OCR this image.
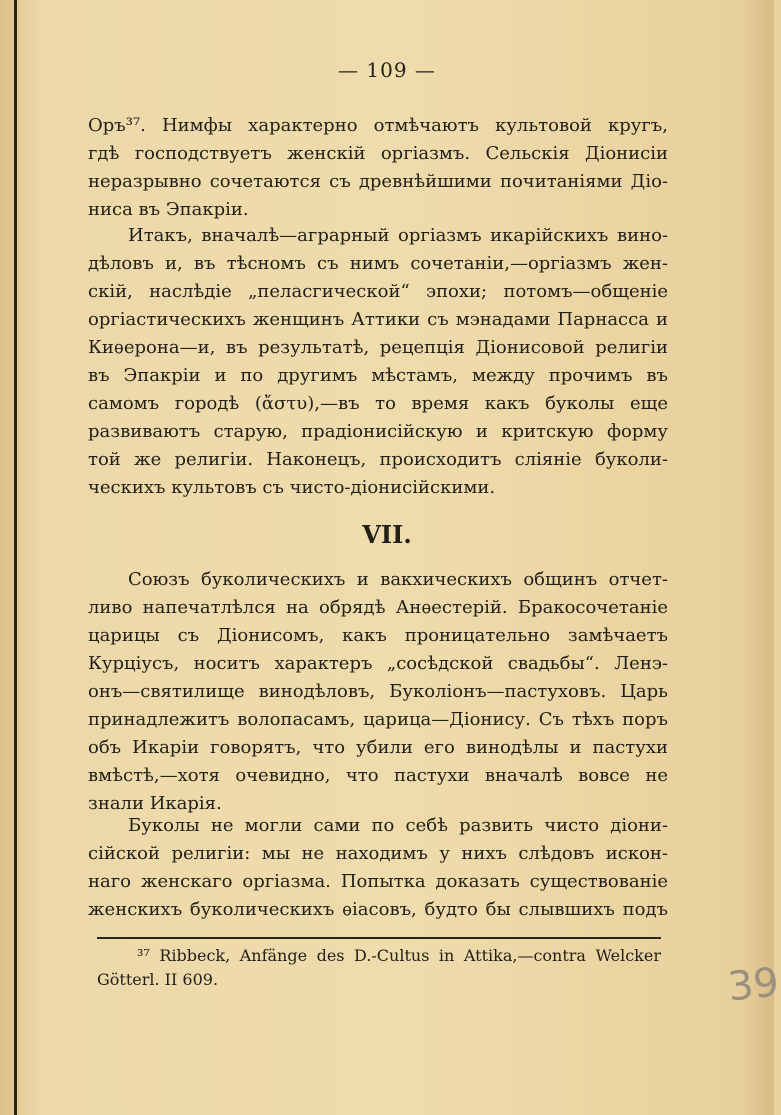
— 109 —
Оръ³⁷. Нимфы характерно отмѣчаютъ культовой кругъ,
гдѣ господствуетъ женскій оргіазмъ. Сельскія Діонисіи
неразрывно сочетаются съ древнѣйшими почитаніями Діо-
ниса въ Эпакріи.
Итакъ, вначалѣ—аграрный оргіазмъ икарійскихъ вино-
дѣловъ и, въ тѣсномъ съ нимъ сочетаніи,—оргіазмъ жен-
скій, наслѣдіе „пеласгической“ эпохи; потомъ—общеніе
оргіастическихъ женщинъ Аттики съ мэнадами Парнасса и
Киѳерона—и, въ результатѣ, рецепція Діонисовой религіи
въ Эпакріи и по другимъ мѣстамъ, между прочимъ въ
самомъ городѣ (ἄστυ),—въ то время какъ буколы еще
развиваютъ старую, прадіонисійскую и критскую форму
той же религіи. Наконецъ, происходитъ сліяніе буколи-
ческихъ культовъ съ чисто-діонисійскими.
VII.
Союзъ буколическихъ и вакхическихъ общинъ отчет-
ливо напечатлѣлся на обрядѣ Анѳестерій. Бракосочетаніе
царицы съ Діонисомъ, какъ проницательно замѣчаетъ
Курціусъ, носитъ характеръ „сосѣдской свадьбы“. Ленэ-
онъ—святилище винодѣловъ, Буколіонъ—пастуховъ. Царь
принадлежитъ волопасамъ, царица—Діонису. Съ тѣхъ поръ
объ Икаріи говорятъ, что убили его винодѣлы и пастухи
вмѣстѣ,—хотя очевидно, что пастухи вначалѣ вовсе не
знали Икарія.
Буколы не могли сами по себѣ развить чисто діони-
сійской религіи: мы не находимъ у нихъ слѣдовъ искон-
наго женскаго оргіазма. Попытка доказать существованіе
женскихъ буколическихъ ѳіасовъ, будто бы слывшихъ подъ
³⁷ Ribbeck, Anfänge des D.-Cultus in Attika,—contra Welcker
Götterl. II 609.	39
